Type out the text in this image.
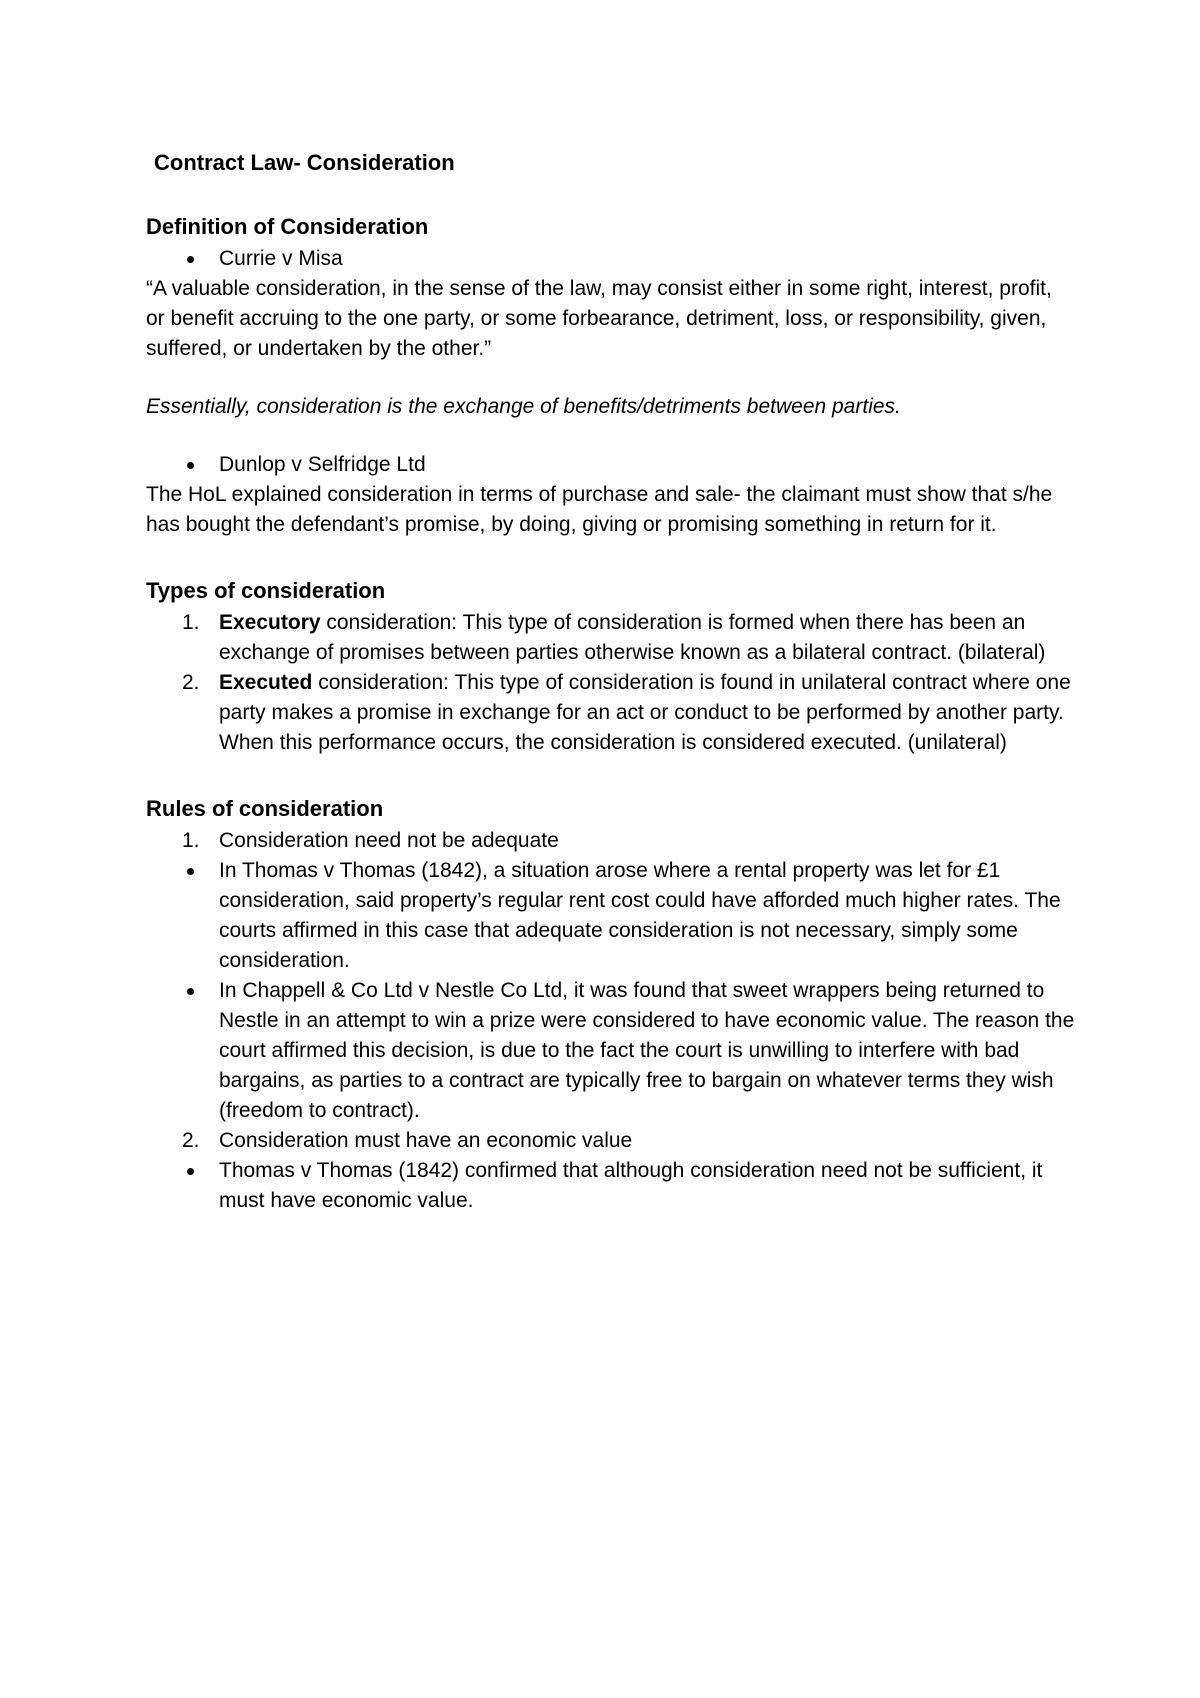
Contract Law- Consideration

Definition of Consideration

Currie v Misa

“A valuable consideration, in the sense of the law, may consist either in some right, interest, profit, or benefit accruing to the one party, or some forbearance, detriment, loss, or responsibility, given, suffered, or undertaken by the other.”

Essentially, consideration is the exchange of benefits/detriments between parties.

Dunlop v Selfridge Ltd

The HoL explained consideration in terms of purchase and sale- the claimant must show that s/he has bought the defendant’s promise, by doing, giving or promising something in return for it.

Types of consideration

1. Executory consideration: This type of consideration is formed when there has been an exchange of promises between parties otherwise known as a bilateral contract. (bilateral)

2. Executed consideration: This type of consideration is found in unilateral contract where one party makes a promise in exchange for an act or conduct to be performed by another party. When this performance occurs, the consideration is considered executed. (unilateral)

Rules of consideration

1. Consideration need not be adequate

In Thomas v Thomas (1842), a situation arose where a rental property was let for £1 consideration, said property’s regular rent cost could have afforded much higher rates. The courts affirmed in this case that adequate consideration is not necessary, simply some consideration.

In Chappell & Co Ltd v Nestle Co Ltd, it was found that sweet wrappers being returned to Nestle in an attempt to win a prize were considered to have economic value. The reason the court affirmed this decision, is due to the fact the court is unwilling to interfere with bad bargains, as parties to a contract are typically free to bargain on whatever terms they wish (freedom to contract).

2. Consideration must have an economic value

Thomas v Thomas (1842) confirmed that although consideration need not be sufficient, it must have economic value.
